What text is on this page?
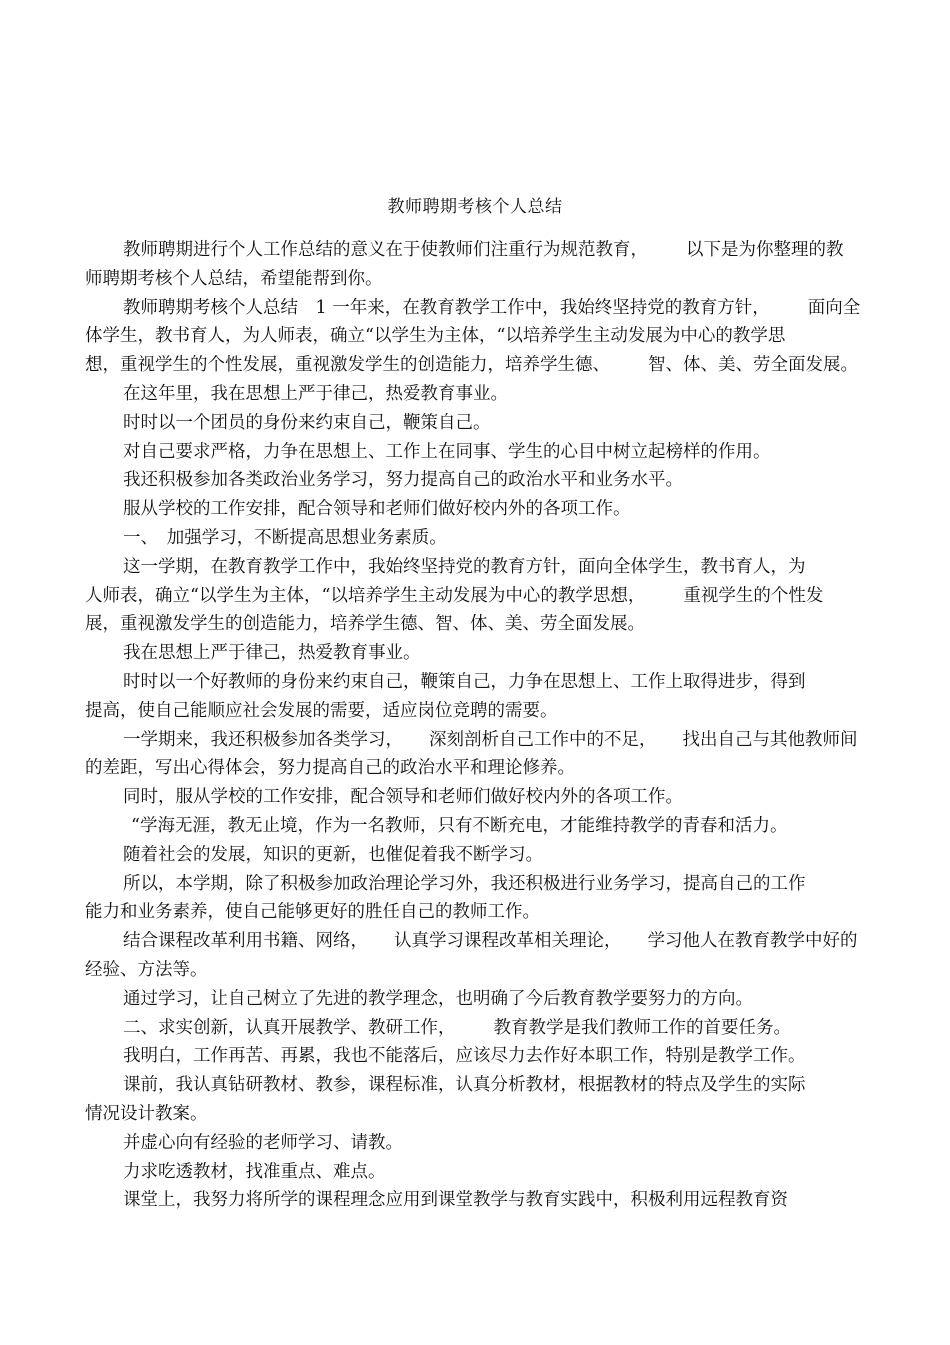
教师聘期考核个人总结
教师聘期进行个人工作总结的意义在于使教师们注重行为规范教育， 以下是为你整理的教
师聘期考核个人总结，希望能帮到你。
教师聘期考核个人总结　1 一年来，在教育教学工作中，我始终坚持党的教育方针， 面向全
体学生，教书育人，为人师表，确立“以学生为主体，“以培养学生主动发展为中心的教学思
想，重视学生的个性发展，重视激发学生的创造能力，培养学生德、 智、体、美、劳全面发展。
在这年里，我在思想上严于律己，热爱教育事业。
时时以一个团员的身份来约束自己，鞭策自己。
对自己要求严格，力争在思想上、工作上在同事、学生的心目中树立起榜样的作用。
我还积极参加各类政治业务学习，努力提高自己的政治水平和业务水平。
服从学校的工作安排，配合领导和老师们做好校内外的各项工作。
一、　加强学习，不断提高思想业务素质。
这一学期，在教育教学工作中，我始终坚持党的教育方针，面向全体学生，教书育人，为
人师表，确立“以学生为主体，“以培养学生主动发展为中心的教学思想， 重视学生的个性发
展，重视激发学生的创造能力，培养学生德、智、体、美、劳全面发展。
我在思想上严于律己，热爱教育事业。
时时以一个好教师的身份来约束自己，鞭策自己，力争在思想上、工作上取得进步，得到
提高，使自己能顺应社会发展的需要，适应岗位竞聘的需要。
一学期来，我还积极参加各类学习， 深刻剖析自己工作中的不足， 找出自己与其他教师间
的差距，写出心得体会，努力提高自己的政治水平和理论修养。
同时，服从学校的工作安排，配合领导和老师们做好校内外的各项工作。
“学海无涯，教无止境，作为一名教师，只有不断充电，才能维持教学的青春和活力。
随着社会的发展，知识的更新，也催促着我不断学习。
所以，本学期，除了积极参加政治理论学习外，我还积极进行业务学习，提高自己的工作
能力和业务素养，使自己能够更好的胜任自己的教师工作。
结合课程改革利用书籍、网络， 认真学习课程改革相关理论， 学习他人在教育教学中好的
经验、方法等。
通过学习，让自己树立了先进的教学理念，也明确了今后教育教学要努力的方向。
二、求实创新，认真开展教学、教研工作， 教育教学是我们教师工作的首要任务。
我明白，工作再苦、再累，我也不能落后，应该尽力去作好本职工作，特别是教学工作。
课前，我认真钻研教材、教参，课程标准，认真分析教材，根据教材的特点及学生的实际
情况设计教案。
并虚心向有经验的老师学习、请教。
力求吃透教材，找准重点、难点。
课堂上，我努力将所学的课程理念应用到课堂教学与教育实践中，积极利用远程教育资
